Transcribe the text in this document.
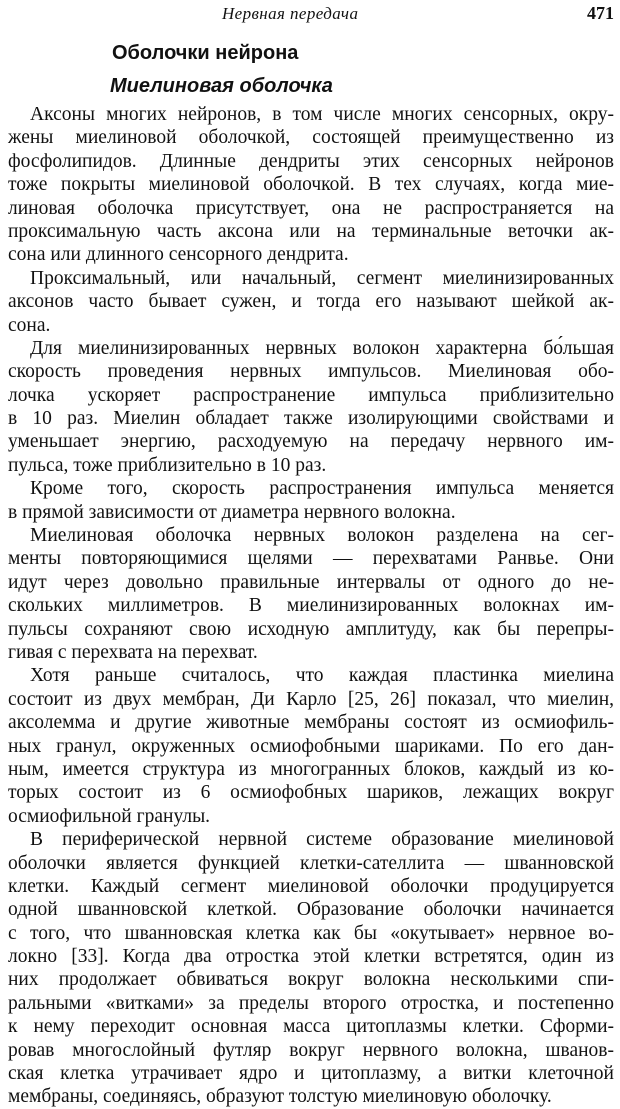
Нервная передача	471
Оболочки нейрона
Миелиновая оболочка
Аксоны многих нейронов, в том числе многих сенсорных, окру-
жены миелиновой оболочкой, состоящей преимущественно из
фосфолипидов. Длинные дендриты этих сенсорных нейронов
тоже покрыты миелиновой оболочкой. В тех случаях, когда мие-
линовая оболочка присутствует, она не распространяется на
проксимальную часть аксона или на терминальные веточки ак-
сона или длинного сенсорного дендрита.
Проксимальный, или начальный, сегмент миелинизированных
аксонов часто бывает сужен, и тогда его называют шейкой ак-
сона.
Для миелинизированных нервных волокон характерна бо́льшая
скорость проведения нервных импульсов. Миелиновая обо-
лочка ускоряет распространение импульса приблизительно
в 10 раз. Миелин обладает также изолирующими свойствами и
уменьшает энергию, расходуемую на передачу нервного им-
пульса, тоже приблизительно в 10 раз.
Кроме того, скорость распространения импульса меняется
в прямой зависимости от диаметра нервного волокна.
Миелиновая оболочка нервных волокон разделена на сег-
менты повторяющимися щелями — перехватами Ранвье. Они
идут через довольно правильные интервалы от одного до не-
скольких миллиметров. В миелинизированных волокнах им-
пульсы сохраняют свою исходную амплитуду, как бы перепры-
гивая с перехвата на перехват.
Хотя раньше считалось, что каждая пластинка миелина
состоит из двух мембран, Ди Карло [25, 26] показал, что миелин,
аксолемма и другие животные мембраны состоят из осмиофиль-
ных гранул, окруженных осмиофобными шариками. По его дан-
ным, имеется структура из многогранных блоков, каждый из ко-
торых состоит из 6 осмиофобных шариков, лежащих вокруг
осмиофильной гранулы.
В периферической нервной системе образование миелиновой
оболочки является функцией клетки-сателлита — шванновской
клетки. Каждый сегмент миелиновой оболочки продуцируется
одной шванновской клеткой. Образование оболочки начинается
с того, что шванновская клетка как бы «окутывает» нервное во-
локно [33]. Когда два отростка этой клетки встретятся, один из
них продолжает обвиваться вокруг волокна несколькими спи-
ральными «витками» за пределы второго отростка, и постепенно
к нему переходит основная масса цитоплазмы клетки. Сформи-
ровав многослойный футляр вокруг нервного волокна, шванов-
ская клетка утрачивает ядро и цитоплазму, а витки клеточной
мембраны, соединяясь, образуют толстую миелиновую оболочку.
